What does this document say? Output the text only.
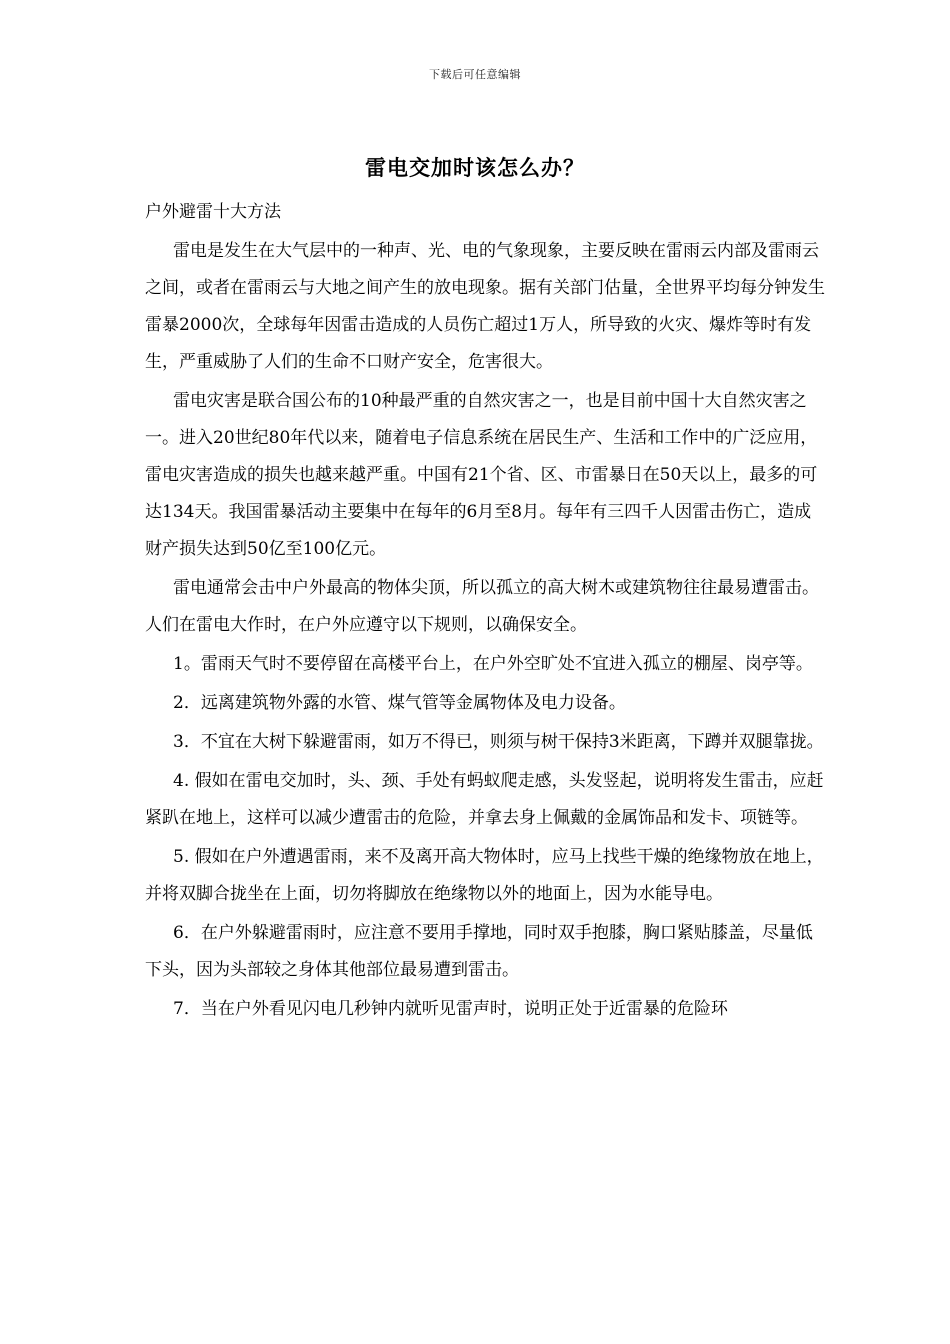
下载后可任意编辑
雷电交加时该怎么办？

户外避雷十大方法

雷电是发生在大气层中的一种声、光、电的气象现象，主要反映在雷雨云内部及雷雨云之间，或者在雷雨云与大地之间产生的放电现象。据有关部门估量，全世界平均每分钟发生雷暴2000次，全球每年因雷击造成的人员伤亡超过1万人，所导致的火灾、爆炸等时有发生，严重威胁了人们的生命不口财产安全，危害很大。

雷电灾害是联合国公布的10种最严重的自然灾害之一，也是目前中国十大自然灾害之一。进入20世纪80年代以来，随着电子信息系统在居民生产、生活和工作中的广泛应用，雷电灾害造成的损失也越来越严重。中国有21个省、区、市雷暴日在50天以上，最多的可达134天。我国雷暴活动主要集中在每年的6月至8月。每年有三四千人因雷击伤亡，造成财产损失达到50亿至100亿元。

雷电通常会击中户外最高的物体尖顶，所以孤立的高大树木或建筑物往往最易遭雷击。人们在雷电大作时，在户外应遵守以下规则，以确保安全。

1。雷雨天气时不要停留在高楼平台上，在户外空旷处不宜进入孤立的棚屋、岗亭等。

2．远离建筑物外露的水管、煤气管等金属物体及电力设备。

3．不宜在大树下躲避雷雨，如万不得已，则须与树干保持3米距离，下蹲并双腿靠拢。

4. 假如在雷电交加时，头、颈、手处有蚂蚁爬走感，头发竖起，说明将发生雷击，应赶紧趴在地上，这样可以减少遭雷击的危险，并拿去身上佩戴的金属饰品和发卡、项链等。

5. 假如在户外遭遇雷雨，来不及离开高大物体时，应马上找些干燥的绝缘物放在地上，并将双脚合拢坐在上面，切勿将脚放在绝缘物以外的地面上，因为水能导电。

6．在户外躲避雷雨时，应注意不要用手撑地，同时双手抱膝，胸口紧贴膝盖，尽量低下头，因为头部较之身体其他部位最易遭到雷击。

7．当在户外看见闪电几秒钟内就听见雷声时，说明正处于近雷暴的危险环
